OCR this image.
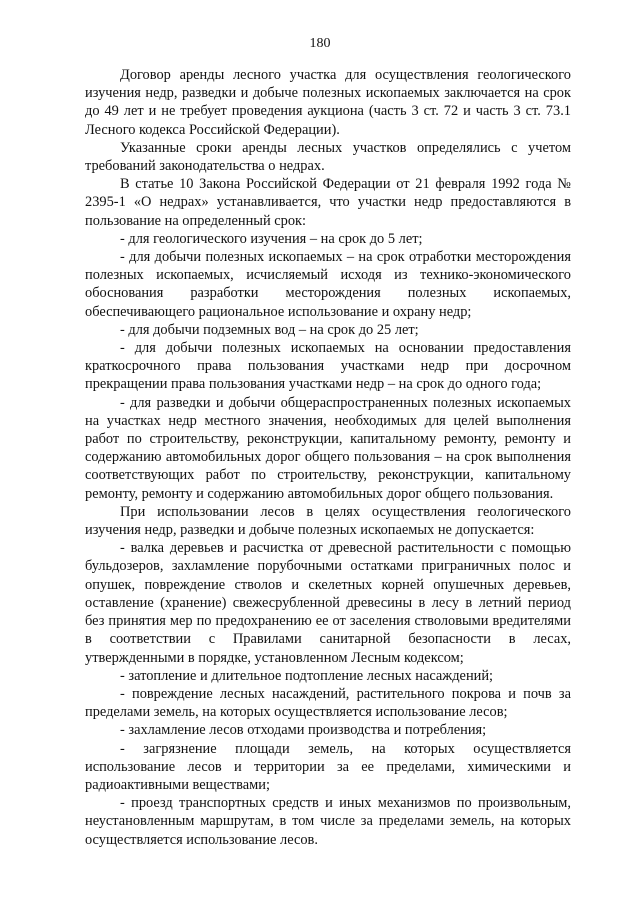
180

Договор аренды лесного участка для осуществления геологического изучения недр, разведки и добыче полезных ископаемых заключается на срок до 49 лет и не требует проведения аукциона (часть 3 ст. 72 и часть 3 ст. 73.1 Лесного кодекса Российской Федерации).

Указанные сроки аренды лесных участков определялись с учетом требований законодательства о недрах.

В статье 10 Закона Российской Федерации от 21 февраля 1992 года № 2395-1 «О недрах» устанавливается, что участки недр предоставляются в пользование на определенный срок:

- для геологического изучения – на срок до 5 лет;

- для добычи полезных ископаемых – на срок отработки месторождения полезных ископаемых, исчисляемый исходя из технико-экономического обоснования разработки месторождения полезных ископаемых, обеспечивающего рациональное использование и охрану недр;

- для добычи подземных вод – на срок до 25 лет;

- для добычи полезных ископаемых на основании предоставления краткосрочного права пользования участками недр при досрочном прекращении права пользования участками недр – на срок до одного года;

- для разведки и добычи общераспространенных полезных ископаемых на участках недр местного значения, необходимых для целей выполнения работ по строительству, реконструкции, капитальному ремонту, ремонту и содержанию автомобильных дорог общего пользования – на срок выполнения соответствующих работ по строительству, реконструкции, капитальному ремонту, ремонту и содержанию автомобильных дорог общего пользования.

При использовании лесов в целях осуществления геологического изучения недр, разведки и добыче полезных ископаемых не допускается:

- валка деревьев и расчистка от древесной растительности с помощью бульдозеров, захламление порубочными остатками приграничных полос и опушек, повреждение стволов и скелетных корней опушечных деревьев, оставление (хранение) свежесрубленной древесины в лесу в летний период без принятия мер по предохранению ее от заселения стволовыми вредителями в соответствии с Правилами санитарной безопасности в лесах, утвержденными в порядке, установленном Лесным кодексом;

- затопление и длительное подтопление лесных насаждений;

- повреждение лесных насаждений, растительного покрова и почв за пределами земель, на которых осуществляется использование лесов;

- захламление лесов отходами производства и потребления;

- загрязнение площади земель, на которых осуществляется использование лесов и территории за ее пределами, химическими и радиоактивными веществами;

- проезд транспортных средств и иных механизмов по произвольным, неустановленным маршрутам, в том числе за пределами земель, на которых осуществляется использование лесов.
